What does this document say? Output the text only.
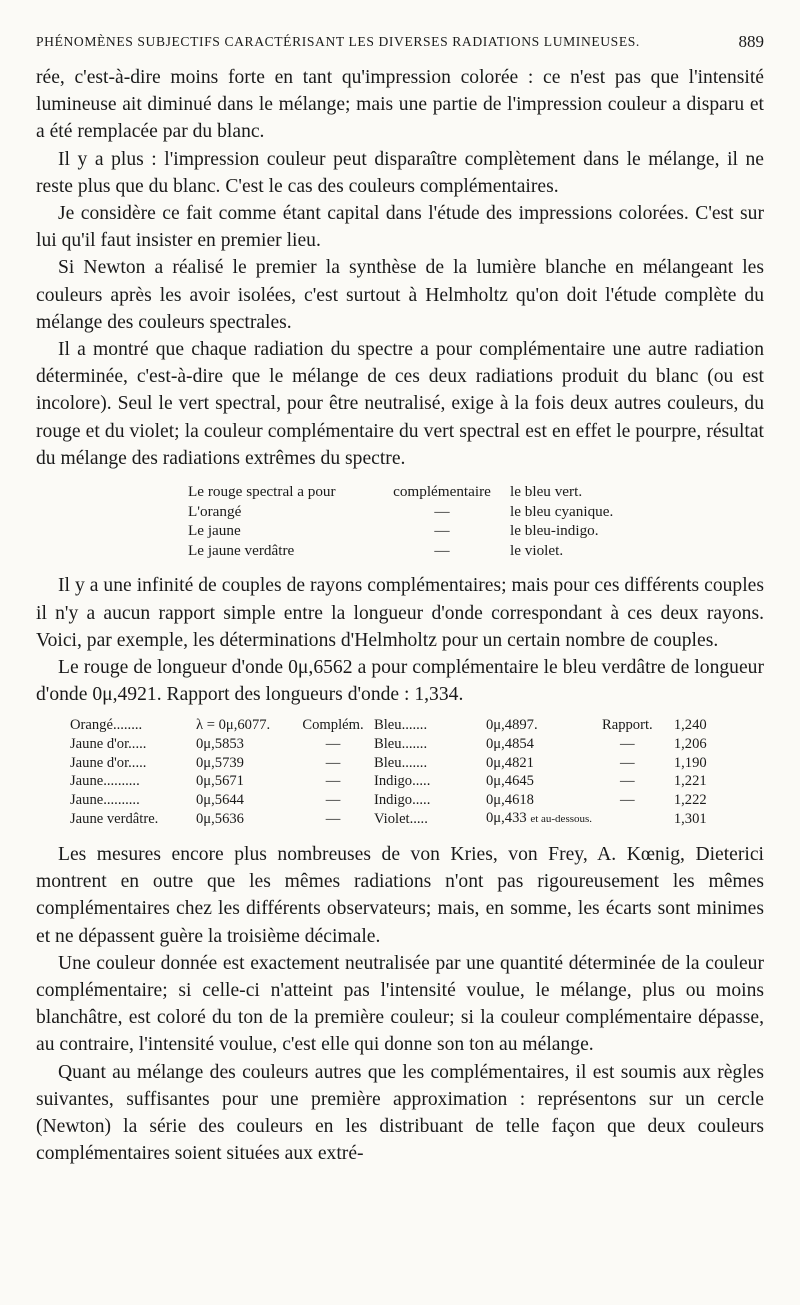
PHÉNOMÈNES SUBJECTIFS CARACTÉRISANT LES DIVERSES RADIATIONS LUMINEUSES.	889

rée, c'est-à-dire moins forte en tant qu'impression colorée : ce n'est pas que l'intensité lumineuse ait diminué dans le mélange; mais une partie de l'impression couleur a disparu et a été remplacée par du blanc.

Il y a plus : l'impression couleur peut disparaître complètement dans le mélange, il ne reste plus que du blanc. C'est le cas des couleurs complémentaires.

Je considère ce fait comme étant capital dans l'étude des impressions colorées. C'est sur lui qu'il faut insister en premier lieu.

Si Newton a réalisé le premier la synthèse de la lumière blanche en mélangeant les couleurs après les avoir isolées, c'est surtout à Helmholtz qu'on doit l'étude complète du mélange des couleurs spectrales.

Il a montré que chaque radiation du spectre a pour complémentaire une autre radiation déterminée, c'est-à-dire que le mélange de ces deux radiations produit du blanc (ou est incolore). Seul le vert spectral, pour être neutralisé, exige à la fois deux autres couleurs, du rouge et du violet; la couleur complémentaire du vert spectral est en effet le pourpre, résultat du mélange des radiations extrêmes du spectre.

Le rouge spectral a pour	complémentaire	le bleu vert.
L'orangé	—	le bleu cyanique.
Le jaune	—	le bleu-indigo.
Le jaune verdâtre	—	le violet.

Il y a une infinité de couples de rayons complémentaires; mais pour ces différents couples il n'y a aucun rapport simple entre la longueur d'onde correspondant à ces deux rayons. Voici, par exemple, les déterminations d'Helmholtz pour un certain nombre de couples.

Le rouge de longueur d'onde 0μ,6562 a pour complémentaire le bleu verdâtre de longueur d'onde 0μ,4921. Rapport des longueurs d'onde : 1,334.

Orangé........	λ = 0μ,6077.	Complém.	Bleu.......	0μ,4897.	Rapport.	1,240
Jaune d'or.....	0μ,5853	—	Bleu.......	0μ,4854	—	1,206
Jaune d'or.....	0μ,5739	—	Bleu.......	0μ,4821	—	1,190
Jaune..........	0μ,5671	—	Indigo.....	0μ,4645	—	1,221
Jaune..........	0μ,5644	—	Indigo.....	0μ,4618	—	1,222
Jaune verdâtre.	0μ,5636	—	Violet.....	0μ,433 et au-dessous.		1,301

Les mesures encore plus nombreuses de von Kries, von Frey, A. Kœnig, Dieterici montrent en outre que les mêmes radiations n'ont pas rigoureusement les mêmes complémentaires chez les différents observateurs; mais, en somme, les écarts sont minimes et ne dépassent guère la troisième décimale.

Une couleur donnée est exactement neutralisée par une quantité déterminée de la couleur complémentaire; si celle-ci n'atteint pas l'intensité voulue, le mélange, plus ou moins blanchâtre, est coloré du ton de la première couleur; si la couleur complémentaire dépasse, au contraire, l'intensité voulue, c'est elle qui donne son ton au mélange.

Quant au mélange des couleurs autres que les complémentaires, il est soumis aux règles suivantes, suffisantes pour une première approximation : représentons sur un cercle (Newton) la série des couleurs en les distribuant de telle façon que deux couleurs complémentaires soient situées aux extré-
